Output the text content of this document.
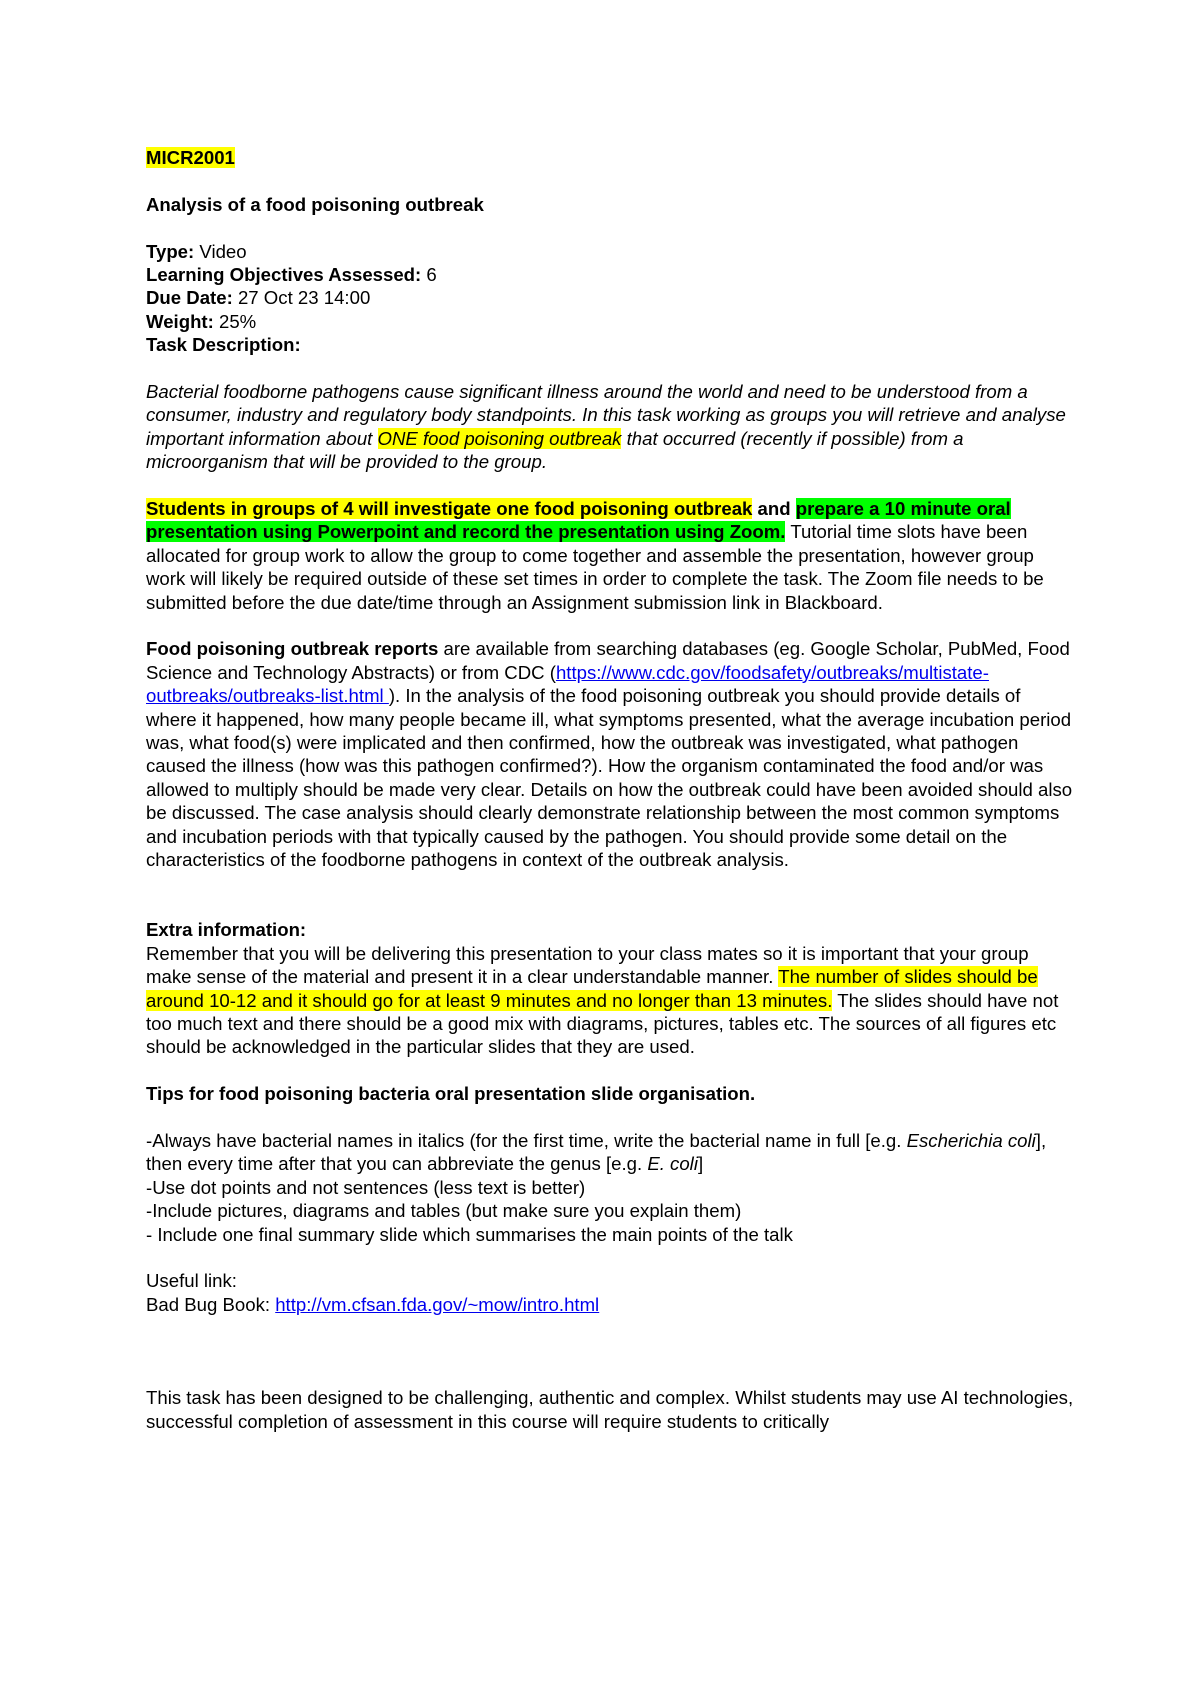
MICR2001

Analysis of a food poisoning outbreak

Type: Video

Learning Objectives Assessed: 6

Due Date: 27 Oct 23 14:00

Weight: 25%

Task Description:

Bacterial foodborne pathogens cause significant illness around the world and need to be understood from a consumer, industry and regulatory body standpoints. In this task working as groups you will retrieve and analyse important information about ONE food poisoning outbreak that occurred (recently if possible) from a microorganism that will be provided to the group.

Students in groups of 4 will investigate one food poisoning outbreak and prepare a 10 minute oral presentation using Powerpoint and record the presentation using Zoom. Tutorial time slots have been allocated for group work to allow the group to come together and assemble the presentation, however group work will likely be required outside of these set times in order to complete the task. The Zoom file needs to be submitted before the due date/time through an Assignment submission link in Blackboard.

Food poisoning outbreak reports are available from searching databases (eg. Google Scholar, PubMed, Food Science and Technology Abstracts) or from CDC (https://www.cdc.gov/foodsafety/outbreaks/multistate-outbreaks/outbreaks-list.html ). In the analysis of the food poisoning outbreak you should provide details of where it happened, how many people became ill, what symptoms presented, what the average incubation period was, what food(s) were implicated and then confirmed, how the outbreak was investigated, what pathogen caused the illness (how was this pathogen confirmed?). How the organism contaminated the food and/or was allowed to multiply should be made very clear. Details on how the outbreak could have been avoided should also be discussed. The case analysis should clearly demonstrate relationship between the most common symptoms and incubation periods with that typically caused by the pathogen. You should provide some detail on the characteristics of the foodborne pathogens in context of the outbreak analysis.

Extra information:

Remember that you will be delivering this presentation to your class mates so it is important that your group make sense of the material and present it in a clear understandable manner. The number of slides should be around 10-12 and it should go for at least 9 minutes and no longer than 13 minutes. The slides should have not too much text and there should be a good mix with diagrams, pictures, tables etc. The sources of all figures etc should be acknowledged in the particular slides that they are used.

Tips for food poisoning bacteria oral presentation slide organisation.

-Always have bacterial names in italics (for the first time, write the bacterial name in full [e.g. Escherichia coli], then every time after that you can abbreviate the genus [e.g. E. coli]

-Use dot points and not sentences (less text is better)

-Include pictures, diagrams and tables (but make sure you explain them)

- Include one final summary slide which summarises the main points of the talk

Useful link:

Bad Bug Book: http://vm.cfsan.fda.gov/~mow/intro.html

This task has been designed to be challenging, authentic and complex. Whilst students may use AI technologies, successful completion of assessment in this course will require students to critically
